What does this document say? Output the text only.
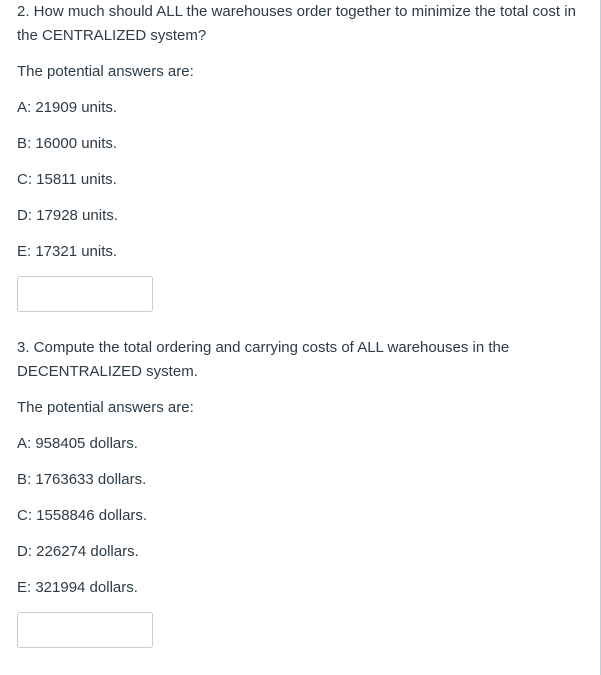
2. How much should ALL the warehouses order together to minimize the total cost in the CENTRALIZED system?

The potential answers are:

A: 21909 units.

B: 16000 units.

C: 15811 units.

D: 17928 units.

E: 17321 units.

3. Compute the total ordering and carrying costs of ALL warehouses in the DECENTRALIZED system.

The potential answers are:

A: 958405 dollars.

B: 1763633 dollars.

C: 1558846 dollars.

D: 226274 dollars.

E: 321994 dollars.
